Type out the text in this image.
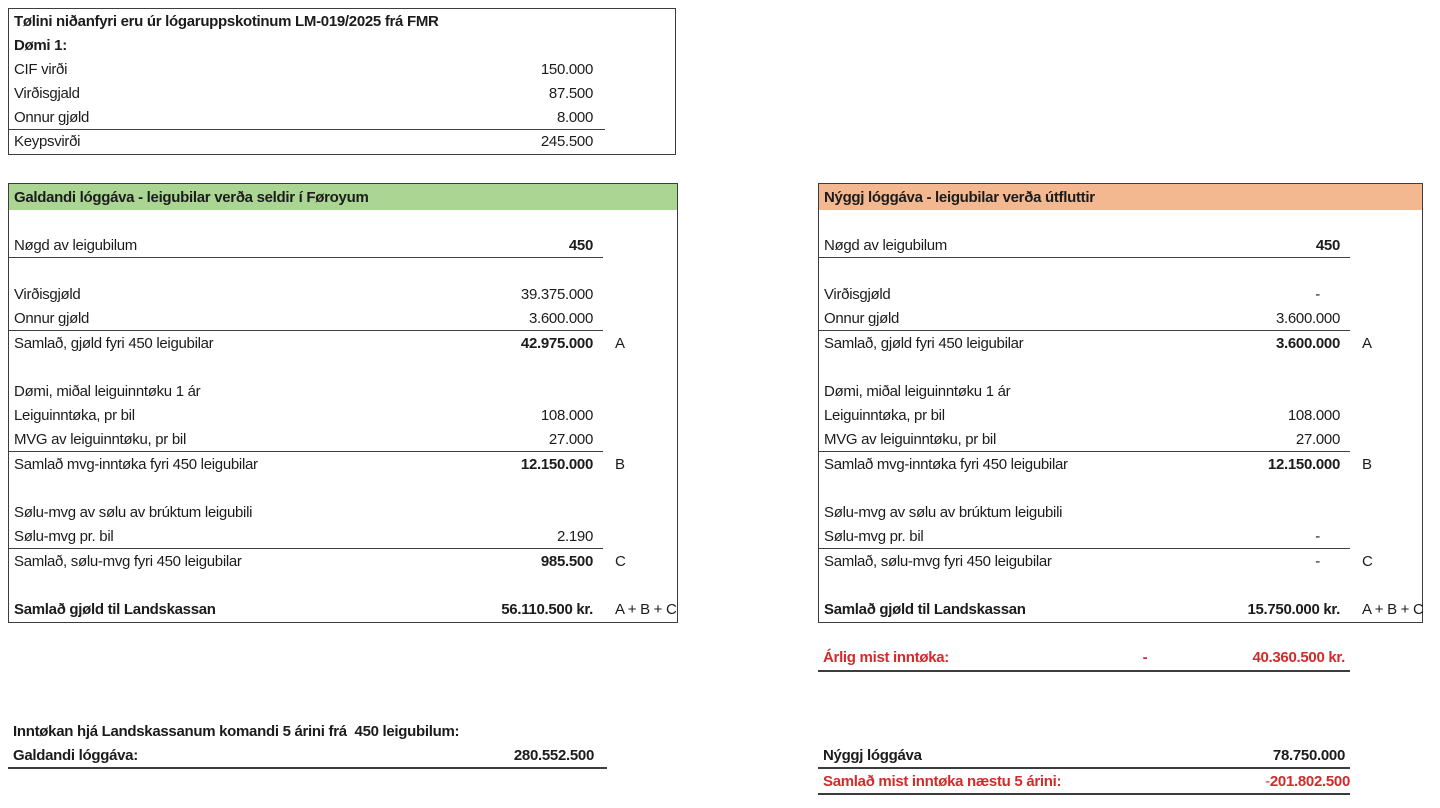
Tølini niðanfyri eru úr lógaruppskotinum LM-019/2025 frá FMR
Dømi 1:
CIF virði	150.000
Virðisgjald	87.500
Onnur gjøld	8.000
Keypsvirði	245.500
Galdandi lóggáva - leigubilar verða seldir í Føroyum
Nøgd av leigubilum	450
Virðisgjøld	39.375.000
Onnur gjøld	3.600.000
Samlað, gjøld fyri 450 leigubilar	42.975.000	A
Dømi, miðal leiguinntøku 1 ár
Leiguinntøka, pr bil	108.000
MVG av leiguinntøku, pr bil	27.000
Samlað mvg-inntøka fyri 450 leigubilar	12.150.000	B
Sølu-mvg av sølu av brúktum leigubili
Sølu-mvg pr. bil	2.190
Samlað, sølu-mvg fyri 450 leigubilar	985.500	C
Samlað gjøld til Landskassan	56.110.500 kr.	A + B + C
Nýggj lóggáva - leigubilar verða útfluttir
Nøgd av leigubilum	450
Virðisgjøld	-
Onnur gjøld	3.600.000
Samlað, gjøld fyri 450 leigubilar	3.600.000	A
Dømi, miðal leiguinntøku 1 ár
Leiguinntøka, pr bil	108.000
MVG av leiguinntøku, pr bil	27.000
Samlað mvg-inntøka fyri 450 leigubilar	12.150.000	B
Sølu-mvg av sølu av brúktum leigubili
Sølu-mvg pr. bil	-
Samlað, sølu-mvg fyri 450 leigubilar	-	C
Samlað gjøld til Landskassan	15.750.000 kr.	A + B + C
Árlig mist inntøka:	-	40.360.500 kr.
Inntøkan hjá Landskassanum komandi 5 árini frá  450 leigubilum:
Galdandi lóggáva:	280.552.500	Nýggj lóggáva	78.750.000
Samlað mist inntøka næstu 5 árini:	- 201.802.500
